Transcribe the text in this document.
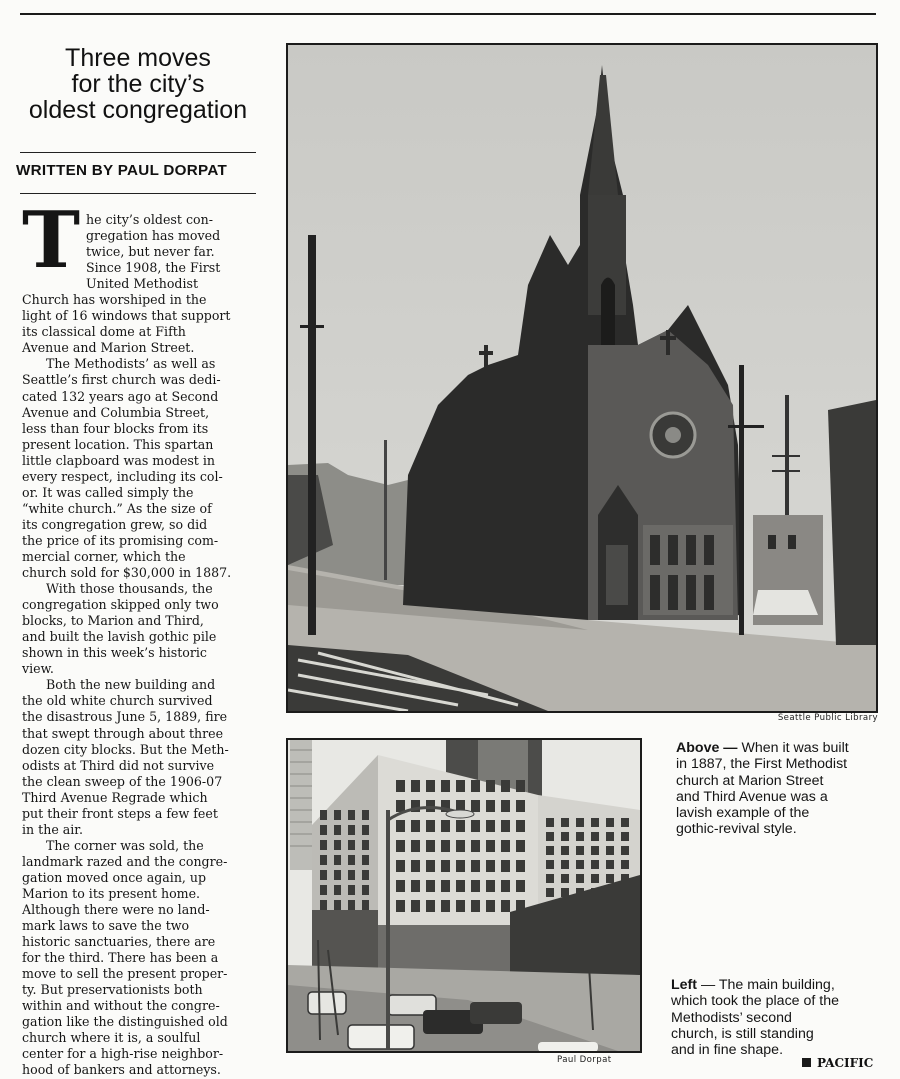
Three moves
for the city’s
oldest congregation
WRITTEN BY PAUL DORPAT
T he city’s oldest con-
gregation has moved
twice, but never far.
Since 1908, the First
United Methodist
Church has worshiped in the
light of 16 windows that support
its classical dome at Fifth
Avenue and Marion Street.
The Methodists’ as well as
Seattle’s first church was dedi-
cated 132 years ago at Second
Avenue and Columbia Street,
less than four blocks from its
present location. This spartan
little clapboard was modest in
every respect, including its col-
or. It was called simply the
“white church.” As the size of
its congregation grew, so did
the price of its promising com-
mercial corner, which the
church sold for $30,000 in 1887.
With those thousands, the
congregation skipped only two
blocks, to Marion and Third,
and built the lavish gothic pile
shown in this week’s historic
view.
Both the new building and
the old white church survived
the disastrous June 5, 1889, fire
that swept through about three
dozen city blocks. But the Meth-
odists at Third did not survive
the clean sweep of the 1906-07
Third Avenue Regrade which
put their front steps a few feet
in the air.
The corner was sold, the
landmark razed and the congre-
gation moved once again, up
Marion to its present home.
Although there were no land-
mark laws to save the two
historic sanctuaries, there are
for the third. There has been a
move to sell the present proper-
ty. But preservationists both
within and without the congre-
gation like the distinguished old
church where it is, a soulful
center for a high-rise neighbor-
hood of bankers and attorneys.
Seattle Public Library
Paul Dorpat
Above — When it was built
in 1887, the First Methodist
church at Marion Street
and Third Avenue was a
lavish example of the
gothic-revival style.
Left — The main building,
which took the place of the
Methodists’ second
church, is still standing
and in fine shape.
PACIFIC
